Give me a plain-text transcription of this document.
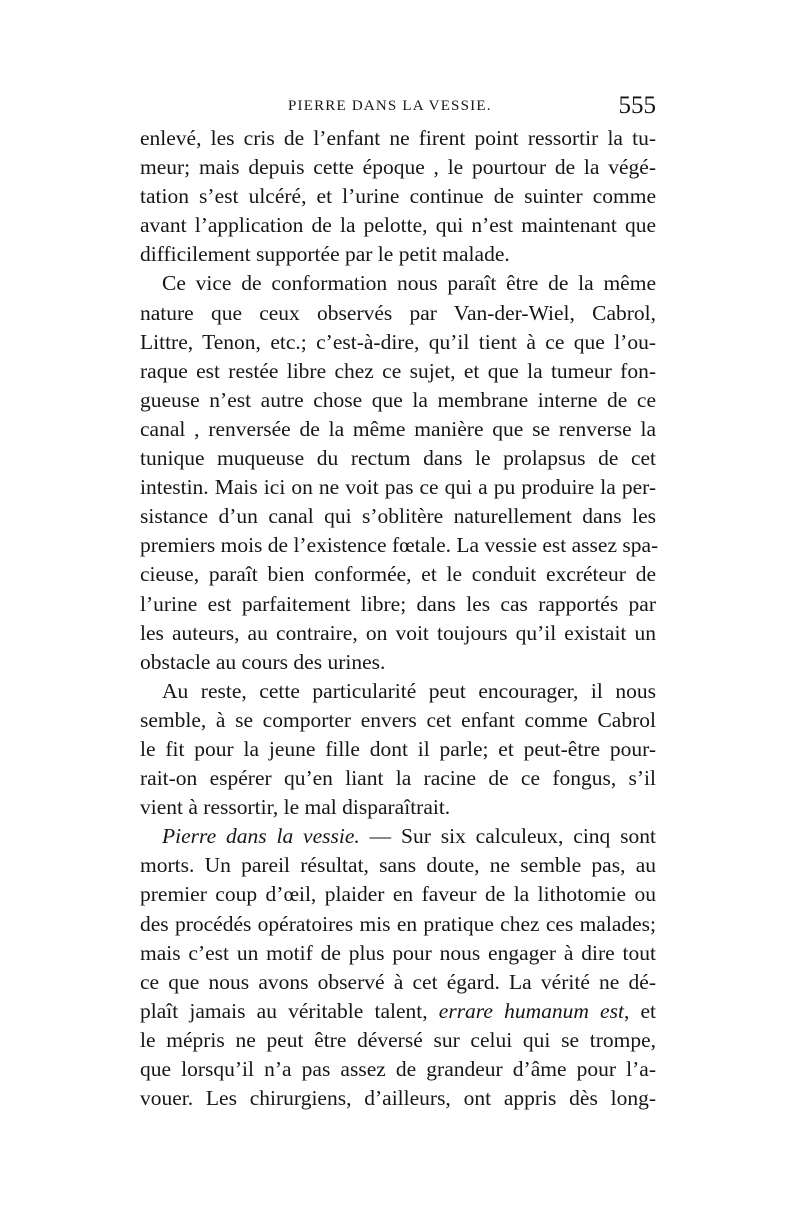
PIERRE DANS LA VESSIE.	555
enlevé, les cris de l’enfant ne firent point ressortir la tu-
meur; mais depuis cette époque , le pourtour de la végé-
tation s’est ulcéré, et l’urine continue de suinter comme
avant l’application de la pelotte, qui n’est maintenant que
difficilement supportée par le petit malade.
Ce vice de conformation nous paraît être de la même
nature que ceux observés par Van-der-Wiel, Cabrol,
Littre, Tenon, etc.; c’est-à-dire, qu’il tient à ce que l’ou-
raque est restée libre chez ce sujet, et que la tumeur fon-
gueuse n’est autre chose que la membrane interne de ce
canal , renversée de la même manière que se renverse la
tunique muqueuse du rectum dans le prolapsus de cet
intestin. Mais ici on ne voit pas ce qui a pu produire la per-
sistance d’un canal qui s’oblitère naturellement dans les
premiers mois de l’existence fœtale. La vessie est assez spa-
cieuse, paraît bien conformée, et le conduit excréteur de
l’urine est parfaitement libre; dans les cas rapportés par
les auteurs, au contraire, on voit toujours qu’il existait un
obstacle au cours des urines.
Au reste, cette particularité peut encourager, il nous
semble, à se comporter envers cet enfant comme Cabrol
le fit pour la jeune fille dont il parle; et peut-être pour-
rait-on espérer qu’en liant la racine de ce fongus, s’il
vient à ressortir, le mal disparaîtrait.
Pierre dans la vessie. — Sur six calculeux, cinq sont
morts. Un pareil résultat, sans doute, ne semble pas, au
premier coup d’œil, plaider en faveur de la lithotomie ou
des procédés opératoires mis en pratique chez ces malades;
mais c’est un motif de plus pour nous engager à dire tout
ce que nous avons observé à cet égard. La vérité ne dé-
plaît jamais au véritable talent, errare humanum est, et
le mépris ne peut être déversé sur celui qui se trompe,
que lorsqu’il n’a pas assez de grandeur d’âme pour l’a-
vouer. Les chirurgiens, d’ailleurs, ont appris dès long-
